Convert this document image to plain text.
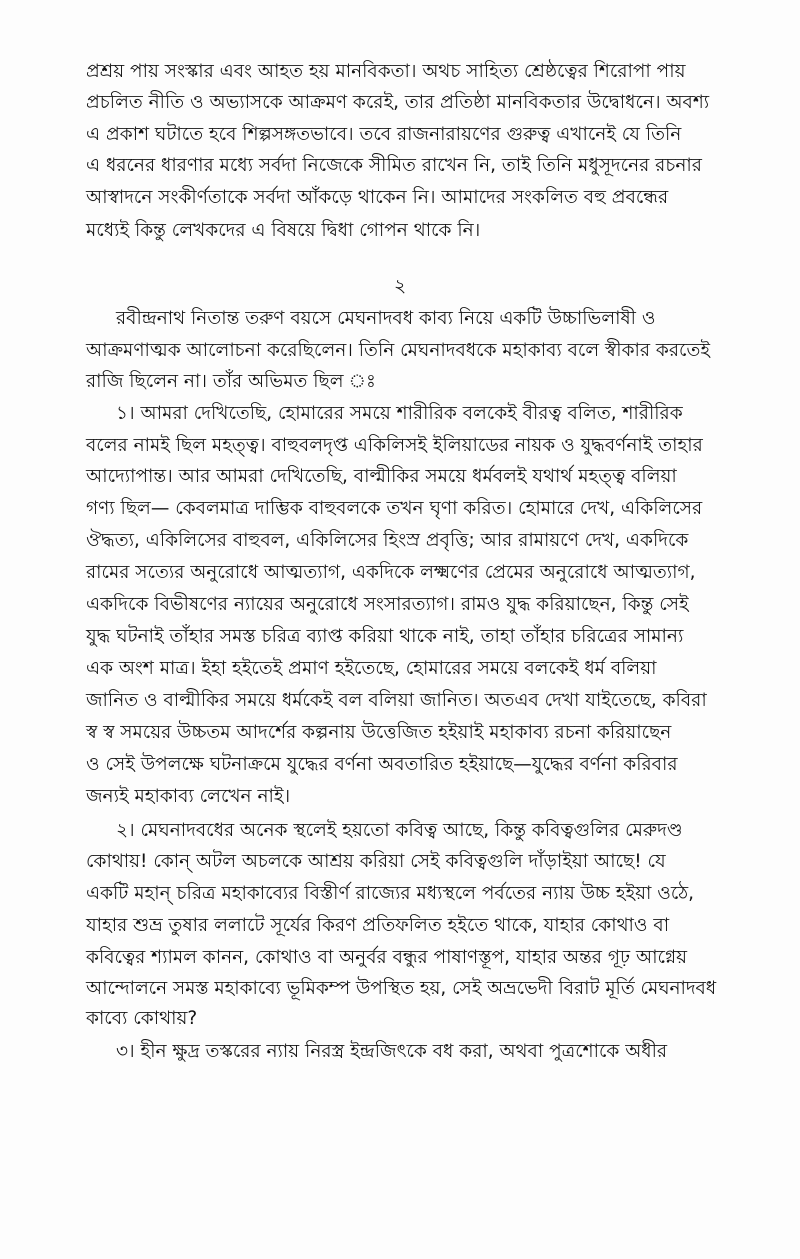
প্রশ্রয় পায় সংস্কার এবং আহত হয় মানবিকতা। অথচ সাহিত্য শ্রেষ্ঠত্বের শিরোপা পায়
প্রচলিত নীতি ও অভ্যাসকে আক্রমণ করেই, তার প্রতিষ্ঠা মানবিকতার উদ্বোধনে। অবশ্য
এ প্রকাশ ঘটাতে হবে শিল্পসঙ্গতভাবে। তবে রাজনারায়ণের গুরুত্ব এখানেই যে তিনি
এ ধরনের ধারণার মধ্যে সর্বদা নিজেকে সীমিত রাখেন নি, তাই তিনি মধুসূদনের রচনার
আস্বাদনে সংকীর্ণতাকে সর্বদা আঁকড়ে থাকেন নি। আমাদের সংকলিত বহু প্রবন্ধের
মধ্যেই কিন্তু লেখকদের এ বিষয়ে দ্বিধা গোপন থাকে নি।
২
রবীন্দ্রনাথ নিতান্ত তরুণ বয়সে মেঘনাদবধ কাব্য নিয়ে একটি উচ্চাভিলাষী ও
আক্রমণাত্মক আলোচনা করেছিলেন। তিনি মেঘনাদবধকে মহাকাব্য বলে স্বীকার করতেই
রাজি ছিলেন না। তাঁর অভিমত ছিল ঃ
১। আমরা দেখিতেছি, হোমারের সময়ে শারীরিক বলকেই বীরত্ব বলিত, শারীরিক
বলের নামই ছিল মহত্ত্ব। বাহুবলদৃপ্ত একিলিসই ইলিয়াডের নায়ক ও যুদ্ধবর্ণনাই তাহার
আদ্যোপান্ত। আর আমরা দেখিতেছি, বাল্মীকির সময়ে ধর্মবলই যথার্থ মহত্ত্ব বলিয়া
গণ্য ছিল— কেবলমাত্র দাম্ভিক বাহুবলকে তখন ঘৃণা করিত। হোমারে দেখ, একিলিসের
ঔদ্ধত্য, একিলিসের বাহুবল, একিলিসের হিংস্র প্রবৃত্তি; আর রামায়ণে দেখ, একদিকে
রামের সত্যের অনুরোধে আত্মত্যাগ, একদিকে লক্ষ্মণের প্রেমের অনুরোধে আত্মত্যাগ,
একদিকে বিভীষণের ন্যায়ের অনুরোধে সংসারত্যাগ। রামও যুদ্ধ করিয়াছেন, কিন্তু সেই
যুদ্ধ ঘটনাই তাঁহার সমস্ত চরিত্র ব্যাপ্ত করিয়া থাকে নাই, তাহা তাঁহার চরিত্রের সামান্য
এক অংশ মাত্র। ইহা হইতেই প্রমাণ হইতেছে, হোমারের সময়ে বলকেই ধর্ম বলিয়া
জানিত ও বাল্মীকির সময়ে ধর্মকেই বল বলিয়া জানিত। অতএব দেখা যাইতেছে, কবিরা
স্ব স্ব সময়ের উচ্চতম আদর্শের কল্পনায় উত্তেজিত হইয়াই মহাকাব্য রচনা করিয়াছেন
ও সেই উপলক্ষে ঘটনাক্রমে যুদ্ধের বর্ণনা অবতারিত হইয়াছে—যুদ্ধের বর্ণনা করিবার
জন্যই মহাকাব্য লেখেন নাই।
২। মেঘনাদবধের অনেক স্থলেই হয়তো কবিত্ব আছে, কিন্তু কবিত্বগুলির মেরুদণ্ড
কোথায়! কোন্ অটল অচলকে আশ্রয় করিয়া সেই কবিত্বগুলি দাঁড়াইয়া আছে! যে
একটি মহান্ চরিত্র মহাকাব্যের বিস্তীর্ণ রাজ্যের মধ্যস্থলে পর্বতের ন্যায় উচ্চ হইয়া ওঠে,
যাহার শুভ্র তুষার ললাটে সূর্যের কিরণ প্রতিফলিত হইতে থাকে, যাহার কোথাও বা
কবিত্বের শ্যামল কানন, কোথাও বা অনুর্বর বন্ধুর পাষাণস্তূপ, যাহার অন্তর গূঢ় আগ্নেয়
আন্দোলনে সমস্ত মহাকাব্যে ভূমিকম্প উপস্থিত হয়, সেই অভ্রভেদী বিরাট মূর্তি মেঘনাদবধ
কাব্যে কোথায়?
৩। হীন ক্ষুদ্র তস্করের ন্যায় নিরস্ত্র ইন্দ্রজিৎকে বধ করা, অথবা পুত্রশোকে অধীর
